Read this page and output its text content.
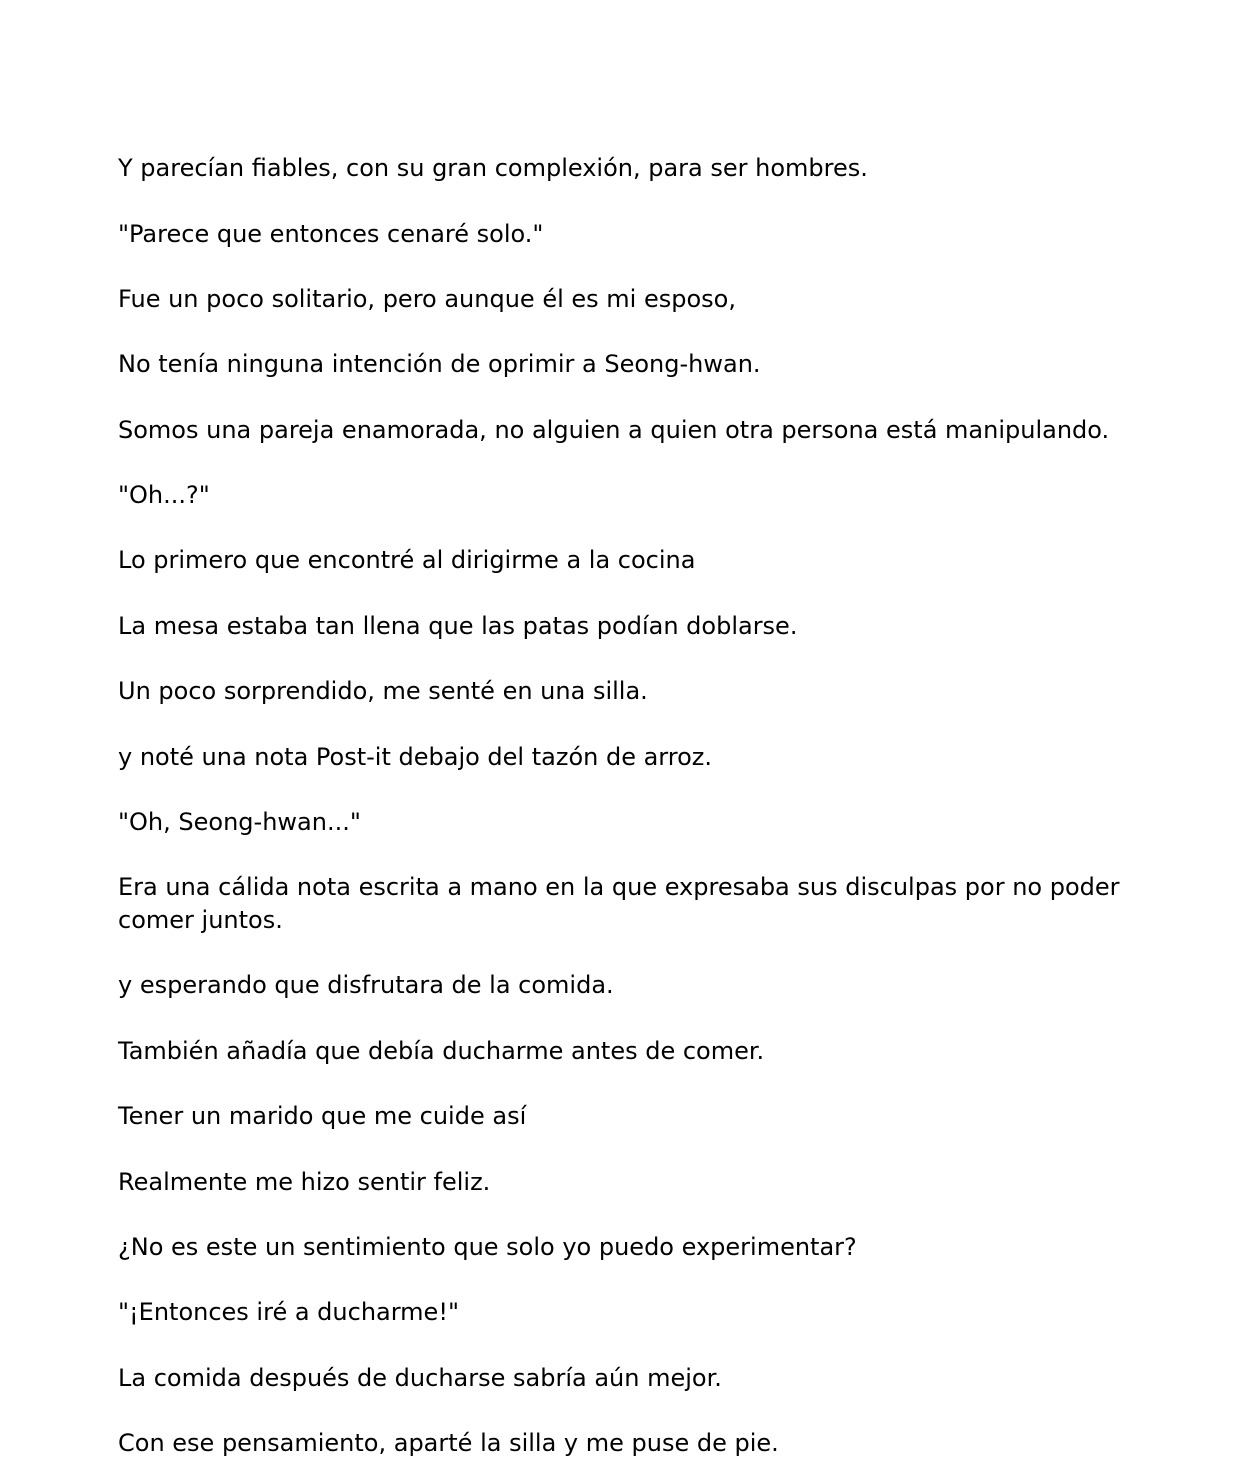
Y parecían fiables, con su gran complexión, para ser hombres.

"Parece que entonces cenaré solo."

Fue un poco solitario, pero aunque él es mi esposo,

No tenía ninguna intención de oprimir a Seong-hwan.

Somos una pareja enamorada, no alguien a quien otra persona está manipulando.

"Oh...?"

Lo primero que encontré al dirigirme a la cocina

La mesa estaba tan llena que las patas podían doblarse.

Un poco sorprendido, me senté en una silla.

y noté una nota Post-it debajo del tazón de arroz.

"Oh, Seong-hwan..."

Era una cálida nota escrita a mano en la que expresaba sus disculpas por no poder comer juntos.

y esperando que disfrutara de la comida.

También añadía que debía ducharme antes de comer.

Tener un marido que me cuide así

Realmente me hizo sentir feliz.

¿No es este un sentimiento que solo yo puedo experimentar?

"¡Entonces iré a ducharme!"

La comida después de ducharse sabría aún mejor.

Con ese pensamiento, aparté la silla y me puse de pie.
